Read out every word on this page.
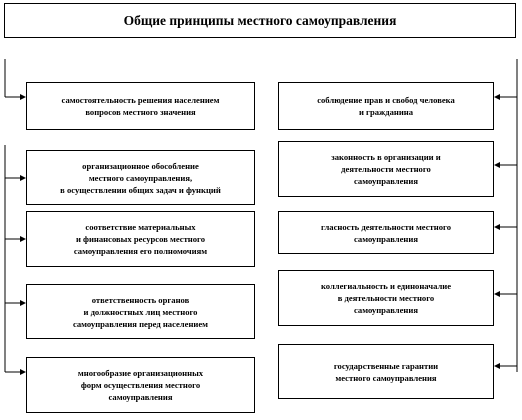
Общие принципы местного самоуправления
самостоятельность решения населением
вопросов местного значения
организационное обособление
местного самоуправления,
в осуществлении общих задач и функций
соответствие материальных
и финансовых ресурсов местного
самоуправления его полномочиям
ответственность органов
и должностных лиц местного
самоуправления перед населением
многообразие организационных
форм осуществления местного
самоуправления
соблюдение прав и свобод человека
и гражданина
законность в организации и
деятельности местного
самоуправления
гласность деятельности местного
самоуправления
коллегиальность и единоначалие
в деятельности местного
самоуправления
государственные гарантии
местного самоуправления
